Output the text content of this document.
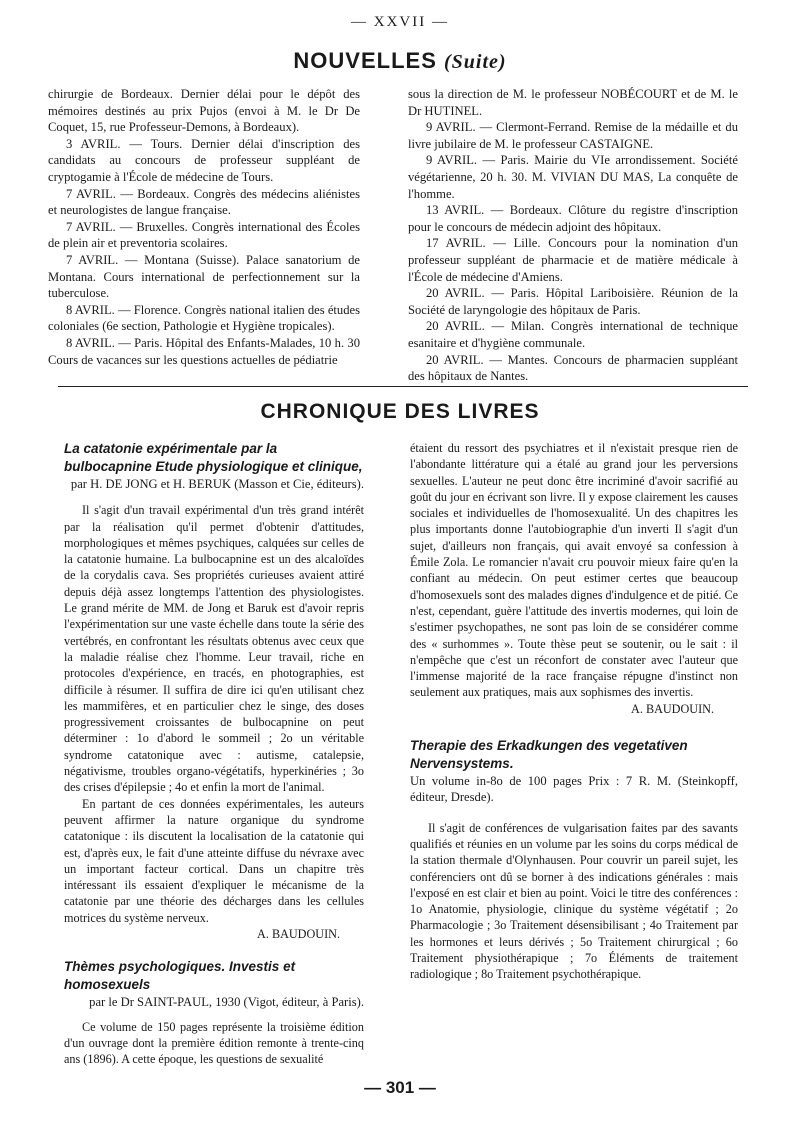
— XXVII —
NOUVELLES (Suite)

chirurgie de Bordeaux. Dernier délai pour le dépôt des mémoires destinés au prix Pujos (envoi à M. le Dr De Coquet, 15, rue Professeur-Demons, à Bordeaux).

3 AVRIL. — Tours. Dernier délai d'inscription des candidats au concours de professeur suppléant de cryptogamie à l'École de médecine de Tours.

7 AVRIL. — Bordeaux. Congrès des médecins aliénistes et neurologistes de langue française.

7 AVRIL. — Bruxelles. Congrès international des Écoles de plein air et preventoria scolaires.

7 AVRIL. — Montana (Suisse). Palace sanatorium de Montana. Cours international de perfectionnement sur la tuberculose.

8 AVRIL. — Florence. Congrès national italien des études coloniales (6e section, Pathologie et Hygiène tropicales).

8 AVRIL. — Paris. Hôpital des Enfants-Malades, 10 h. 30 Cours de vacances sur les questions actuelles de pédiatrie

sous la direction de M. le professeur NOBÉCOURT et de M. le Dr HUTINEL.

9 AVRIL. — Clermont-Ferrand. Remise de la médaille et du livre jubilaire de M. le professeur CASTAIGNE.

9 AVRIL. — Paris. Mairie du VIe arrondissement. Société végétarienne, 20 h. 30. M. VIVIAN DU MAS, La conquête de l'homme.

13 AVRIL. — Bordeaux. Clôture du registre d'inscription pour le concours de médecin adjoint des hôpitaux.

17 AVRIL. — Lille. Concours pour la nomination d'un professeur suppléant de pharmacie et de matière médicale à l'École de médecine d'Amiens.

20 AVRIL. — Paris. Hôpital Lariboisière. Réunion de la Société de laryngologie des hôpitaux de Paris.

20 AVRIL. — Milan. Congrès international de technique esanitaire et d'hygiène communale.

20 AVRIL. — Mantes. Concours de pharmacien suppléant des hôpitaux de Nantes.

CHRONIQUE DES LIVRES
La catatonie expérimentale par la bulbocapnine Etude physiologique et clinique,

par H. DE JONG et H. BERUK (Masson et Cie, éditeurs).

Il s'agit d'un travail expérimental d'un très grand intérêt par la réalisation qu'il permet d'obtenir d'attitudes, morphologiques et mêmes psychiques, calquées sur celles de la catatonie humaine. La bulbocapnine est un des alcaloïdes de la corydalis cava. Ses propriétés curieuses avaient attiré depuis déjà assez longtemps l'attention des physiologistes. Le grand mérite de MM. de Jong et Baruk est d'avoir repris l'expérimentation sur une vaste échelle dans toute la série des vertébrés, en confrontant les résultats obtenus avec ceux que la maladie réalise chez l'homme. Leur travail, riche en protocoles d'expérience, en tracés, en photographies, est difficile à résumer. Il suffira de dire ici qu'en utilisant chez les mammifères, et en particulier chez le singe, des doses progressivement croissantes de bulbocapnine on peut déterminer : 1o d'abord le sommeil ; 2o un véritable syndrome catatonique avec : autisme, catalepsie, négativisme, troubles organo-végétatifs, hyperkinéries ; 3o des crises d'épilepsie ; 4o et enfin la mort de l'animal.

En partant de ces données expérimentales, les auteurs peuvent affirmer la nature organique du syndrome catatonique : ils discutent la localisation de la catatonie qui est, d'après eux, le fait d'une atteinte diffuse du névraxe avec un important facteur cortical. Dans un chapitre très intéressant ils essaient d'expliquer le mécanisme de la catatonie par une théorie des décharges dans les cellules motrices du système nerveux.

A. BAUDOUIN.

Thèmes psychologiques. Investis et homosexuels

par le Dr SAINT-PAUL, 1930 (Vigot, éditeur, à Paris).

Ce volume de 150 pages représente la troisième édition d'un ouvrage dont la première édition remonte à trente-cinq ans (1896). A cette époque, les questions de sexualité

étaient du ressort des psychiatres et il n'existait presque rien de l'abondante littérature qui a étalé au grand jour les perversions sexuelles. L'auteur ne peut donc être incriminé d'avoir sacrifié au goût du jour en écrivant son livre. Il y expose clairement les causes sociales et individuelles de l'homosexualité. Un des chapitres les plus importants donne l'autobiographie d'un inverti Il s'agit d'un sujet, d'ailleurs non français, qui avait envoyé sa confession à Émile Zola. Le romancier n'avait cru pouvoir mieux faire qu'en la confiant au médecin. On peut estimer certes que beaucoup d'homosexuels sont des malades dignes d'indulgence et de pitié. Ce n'est, cependant, guère l'attitude des invertis modernes, qui loin de s'estimer psychopathes, ne sont pas loin de se considérer comme des « surhommes ». Toute thèse peut se soutenir, ou le sait : il n'empêche que c'est un réconfort de constater avec l'auteur que l'immense majorité de la race française répugne d'instinct non seulement aux pratiques, mais aux sophismes des invertis.

A. BAUDOUIN.

Therapie des Erkadkungen des vegetativen Nervensystems.

Un volume in-8o de 100 pages Prix : 7 R. M. (Steinkopff, éditeur, Dresde).

Il s'agit de conférences de vulgarisation faites par des savants qualifiés et réunies en un volume par les soins du corps médical de la station thermale d'Olynhausen. Pour couvrir un pareil sujet, les conférenciers ont dû se borner à des indications générales : mais l'exposé en est clair et bien au point. Voici le titre des conférences : 1o Anatomie, physiologie, clinique du système végétatif ; 2o Pharmacologie ; 3o Traitement désensibilisant ; 4o Traitement par les hormones et leurs dérivés ; 5o Traitement chirurgical ; 6o Traitement physiothérapique ; 7o Éléments de traitement radiologique ; 8o Traitement psychothérapique.

— 301 —
